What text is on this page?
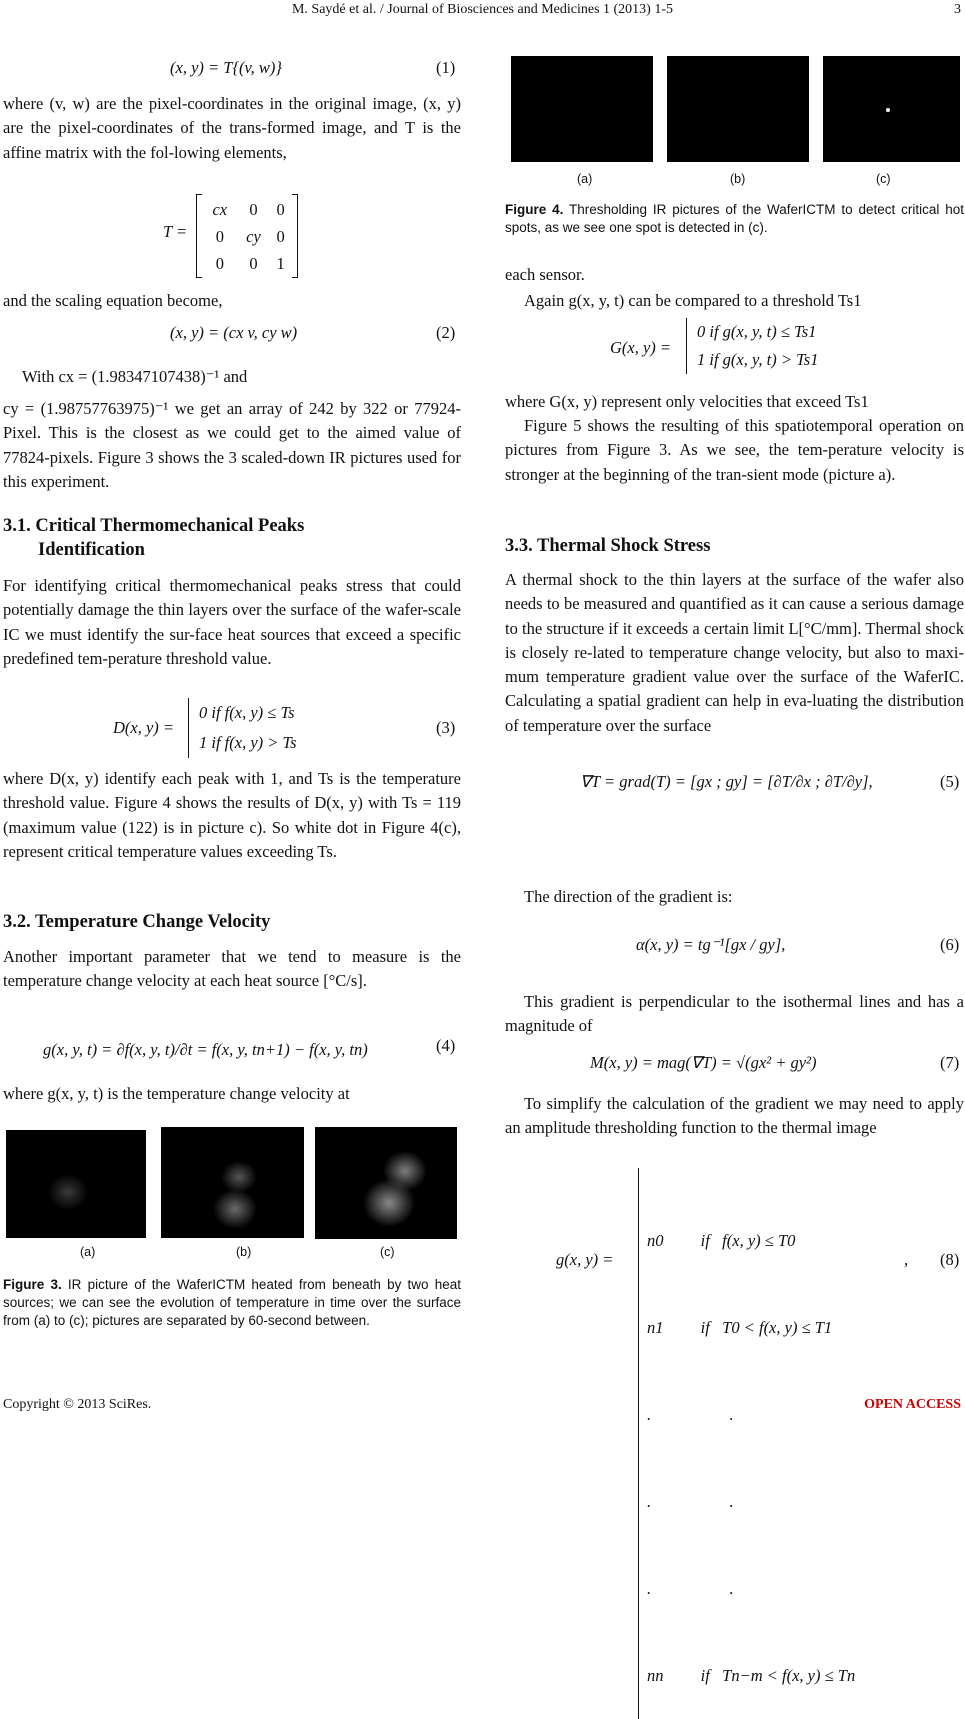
M. Saydé et al. / Journal of Biosciences and Medicines 1 (2013) 1-5	3
(x, y) = T{(v, w)}	(1)
where (v, w) are the pixel-coordinates in the original image, (x, y) are the pixel-coordinates of the trans-formed image, and T is the affine matrix with the fol-lowing elements,
T =
cx	0	0
0	cy	0
0	0	1
and the scaling equation become,
(x, y) = (cx v, cy w)	(2)
With cx = (1.98347107438)⁻¹ and
cy = (1.98757763975)⁻¹ we get an array of 242 by 322 or 77924-Pixel. This is the closest as we could get to the aimed value of 77824-pixels. Figure 3 shows the 3 scaled-down IR pictures used for this experiment.
3.1. Critical Thermomechanical Peaks
Identification
For identifying critical thermomechanical peaks stress that could potentially damage the thin layers over the surface of the wafer-scale IC we must identify the sur-face heat sources that exceed a specific predefined tem-perature threshold value.
D(x, y) =
0 if f(x, y) ≤ Ts
1 if f(x, y) > Ts
(3)
where D(x, y) identify each peak with 1, and Ts is the temperature threshold value. Figure 4 shows the results of D(x, y) with Ts = 119 (maximum value (122) is in picture c). So white dot in Figure 4(c), represent critical temperature values exceeding Ts.
3.2. Temperature Change Velocity
Another important parameter that we tend to measure is the temperature change velocity at each heat source [°C/s].
g(x, y, t) = ∂f(x, y, t)/∂t = f(x, y, tn+1) − f(x, y, tn)	(4)
where g(x, y, t) is the temperature change velocity at
(a)	(b)	(c)
Figure 3. IR picture of the WaferICTM heated from beneath by two heat sources; we can see the evolution of temperature in time over the surface from (a) to (c); pictures are separated by 60-second between.
(a)	(b)	(c)
Figure 4. Thresholding IR pictures of the WaferICTM to detect critical hot spots, as we see one spot is detected in (c).
each sensor.
Again g(x, y, t) can be compared to a threshold Ts1
G(x, y) =
0 if g(x, y, t) ≤ Ts1
1 if g(x, y, t) > Ts1
where G(x, y) represent only velocities that exceed Ts1
Figure 5 shows the resulting of this spatiotemporal operation on pictures from Figure 3. As we see, the tem-perature velocity is stronger at the beginning of the tran-sient mode (picture a).
3.3. Thermal Shock Stress
A thermal shock to the thin layers at the surface of the wafer also needs to be measured and quantified as it can cause a serious damage to the structure if it exceeds a certain limit L[°C/mm]. Thermal shock is closely re-lated to temperature change velocity, but also to maxi-mum temperature gradient value over the surface of the WaferIC. Calculating a spatial gradient can help in eva-luating the distribution of temperature over the surface
∇T = grad(T) = [gx ; gy] = [∂T/∂x ; ∂T/∂y],	(5)
The direction of the gradient is:
α(x, y) = tg⁻¹[gx / gy],	(6)
This gradient is perpendicular to the isothermal lines and has a magnitude of
M(x, y) = mag(∇T) = √(gx² + gy²)	(7)
To simplify the calculation of the gradient we may need to apply an amplitude thresholding function to the thermal image
g(x, y) =

n0         if   f(x, y) ≤ T0

n1         if   T0 < f(x, y) ≤ T1

.                   .

.                   .

.                   .

nn         if   Tn−m < f(x, y) ≤ Tn

, (8)
Copyright © 2013 SciRes.	OPEN ACCESS
